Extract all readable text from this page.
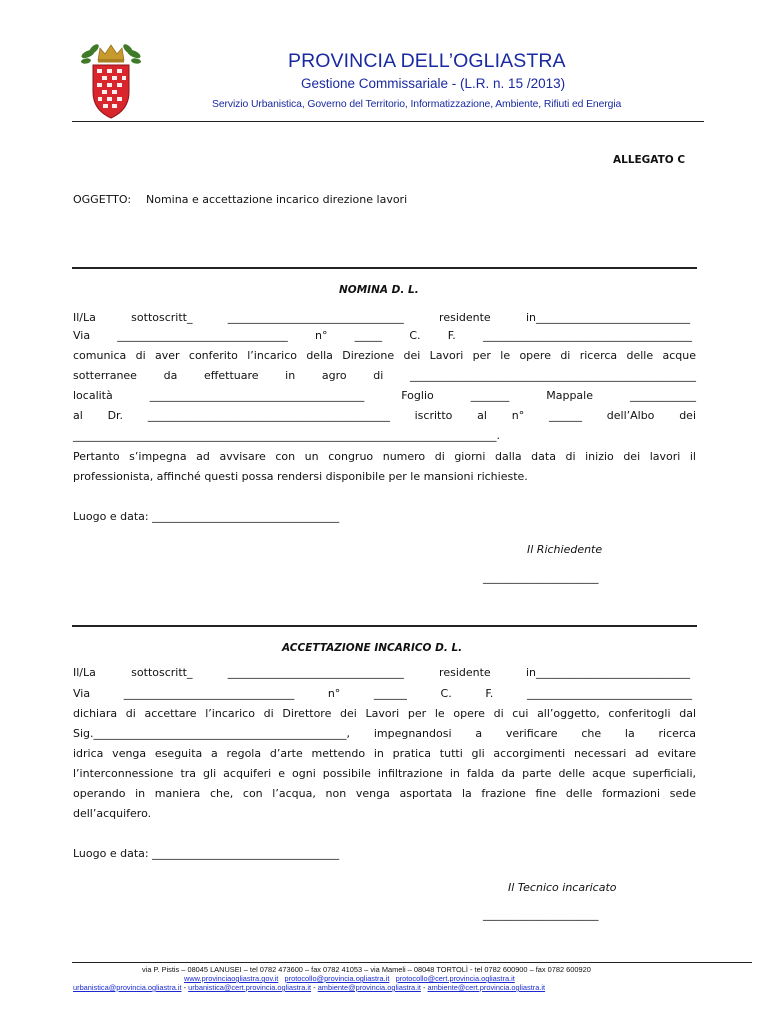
PROVINCIA DELL’OGLIASTRA
Gestione Commissariale - (L.R. n. 15 /2013)
Servizio Urbanistica, Governo del Territorio, Informatizzazione, Ambiente, Rifiuti ed Energia
ALLEGATO C
OGGETTO: Nomina e accettazione incarico direzione lavori
NOMINA D. L.
Il/La sottoscritt_ ________________________________ residente in____________________________
Via _______________________________ n° _____ C. F. ______________________________________
comunica di aver conferito l’incarico della Direzione dei Lavori per le opere di ricerca delle acque
sotterranee da effettuare in agro di ____________________________________________________
località _______________________________________ Foglio _______ Mappale ____________
al Dr. ____________________________________________ iscritto al n° ______ dell’Albo dei
_____________________________________________________________________________.
Pertanto s’impegna ad avvisare con un congruo numero di giorni dalla data di inizio dei lavori il
professionista, affinché questi possa rendersi disponibile per le mansioni richieste.
Luogo e data: __________________________________
Il Richiedente
_____________________
ACCETTAZIONE INCARICO D. L.
Il/La sottoscritt_ ________________________________ residente in____________________________
Via _______________________________ n° ______ C. F. ______________________________
dichiara di accettare l’incarico di Direttore dei Lavori per le opere di cui all’oggetto, conferitogli dal
Sig.______________________________________________, impegnandosi a verificare che la ricerca
idrica venga eseguita a regola d’arte mettendo in pratica tutti gli accorgimenti necessari ad evitare
l’interconnessione tra gli acquiferi e ogni possibile infiltrazione in falda da parte delle acque superficiali,
operando in maniera che, con l’acqua, non venga asportata la frazione fine delle formazioni sede
dell’acquifero.
Luogo e data: __________________________________
Il Tecnico incaricato
_____________________
via P. Pistis – 08045 LANUSEI – tel 0782 473600 – fax 0782 41053 – via Mameli – 08048 TORTOLÌ - tel 0782 600900 – fax 0782 600920
www.provinciaogliastra.gov.it protocollo@provincia.ogliastra.it protocollo@cert.provincia.ogliastra.it
urbanistica@provincia.ogliastra.it - urbanistica@cert.provincia.ogliastra.it - ambiente@provincia.ogliastra.it - ambiente@cert.provincia.ogliastra.it
